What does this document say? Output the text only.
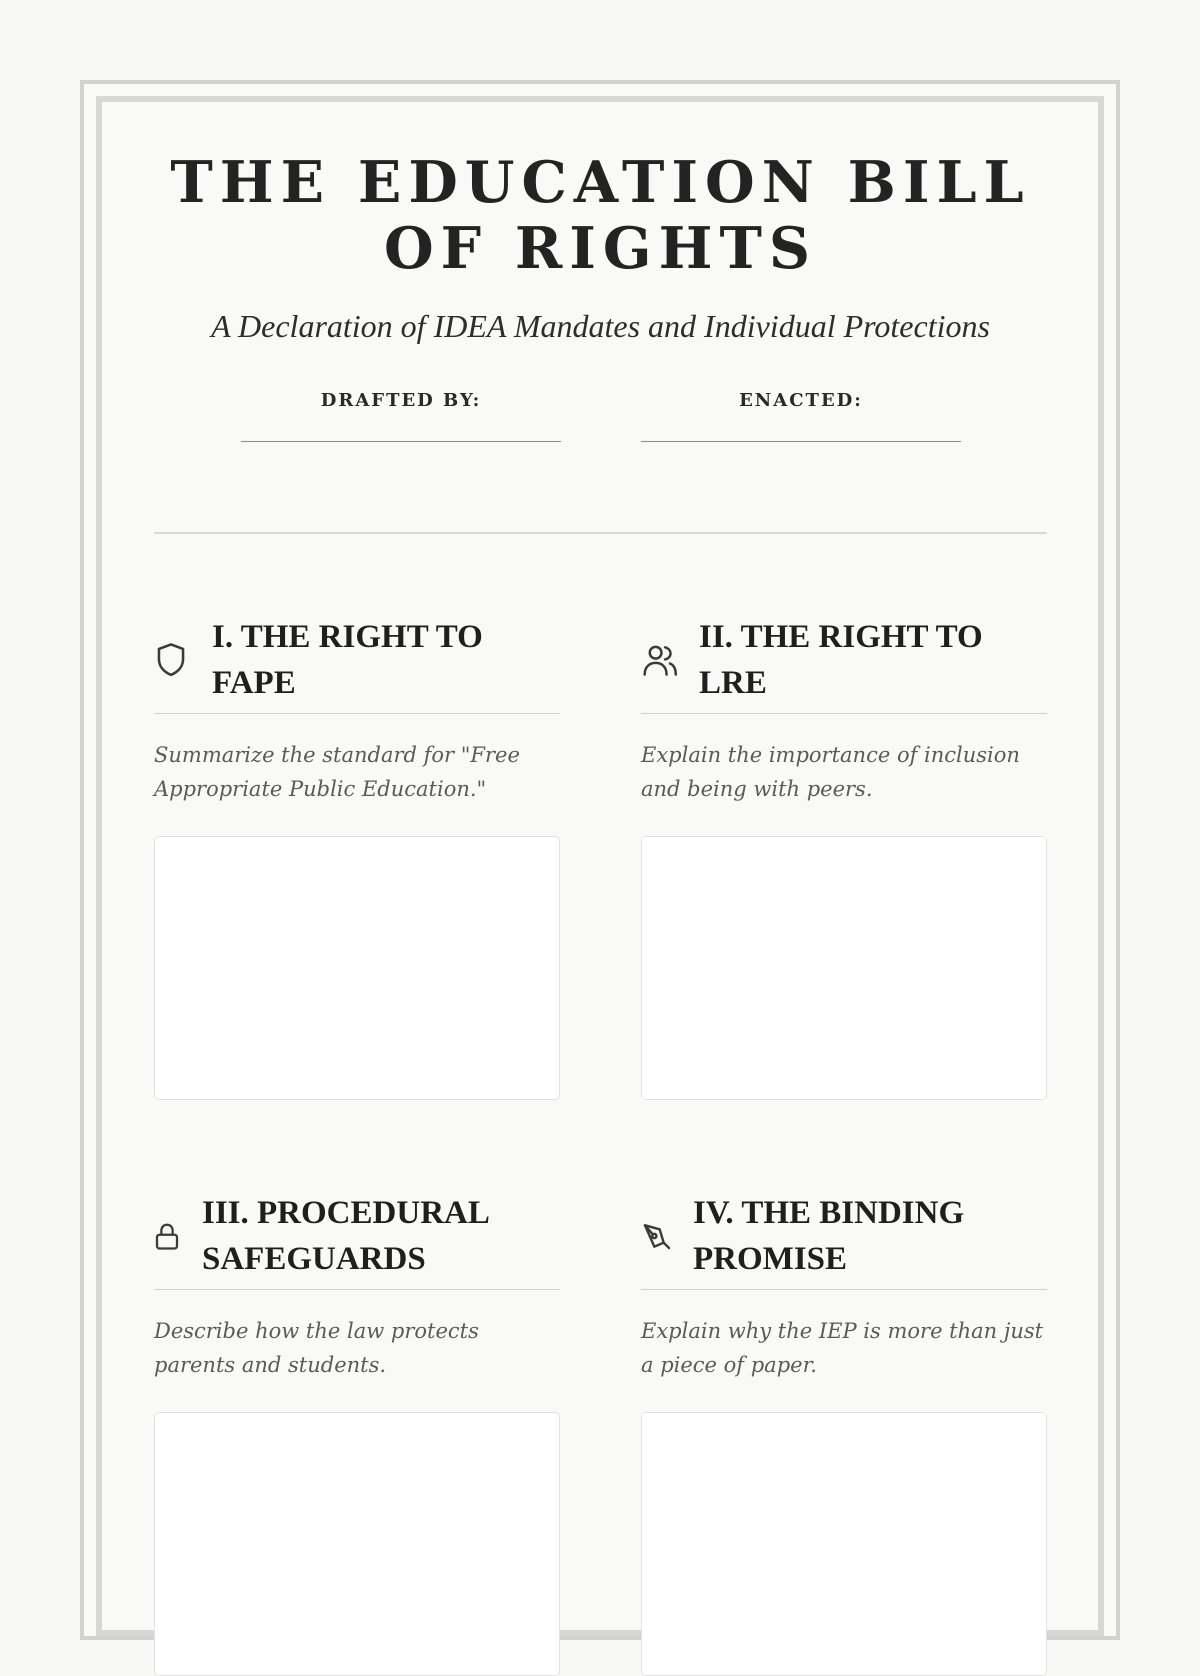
THE EDUCATION BILL OF RIGHTS

A Declaration of IDEA Mandates and Individual Protections

DRAFTED BY:	ENACTED:
I. THE RIGHT TO FAPE
Summarize the standard for "Free Appropriate Public Education."
II. THE RIGHT TO LRE
Explain the importance of inclusion and being with peers.
III. PROCEDURAL SAFEGUARDS
Describe how the law protects parents and students.
IV. THE BINDING PROMISE
Explain why the IEP is more than just a piece of paper.
